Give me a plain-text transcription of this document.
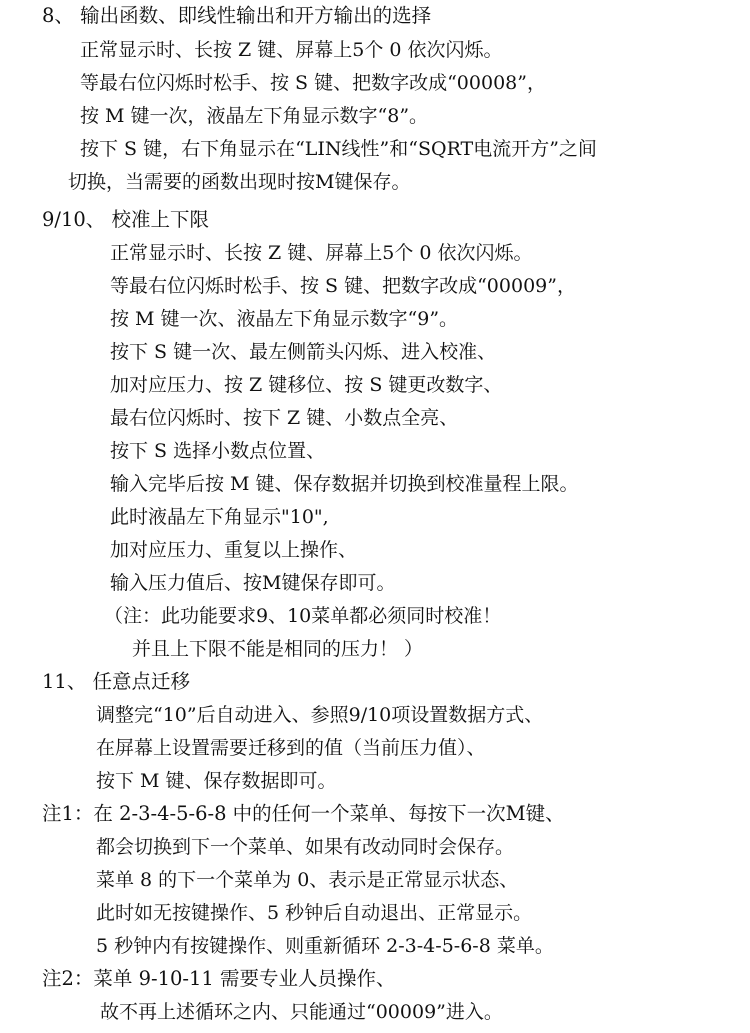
8、 输出函数、即线性输出和开方输出的选择
正常显示时、长按 Z 键、屏幕上5个 0 依次闪烁。
等最右位闪烁时松手、按 S 键、把数字改成“00008”，
按 M 键一次，液晶左下角显示数字“8”。
按下 S 键，右下角显示在“LIN线性”和“SQRT电流开方”之间
切换，当需要的函数出现时按M键保存。
9/10、 校准上下限
正常显示时、长按 Z 键、屏幕上5个 0 依次闪烁。
等最右位闪烁时松手、按 S 键、把数字改成“00009”，
按 M 键一次、液晶左下角显示数字“9”。
按下 S 键一次、最左侧箭头闪烁、进入校准、
加对应压力、按 Z 键移位、按 S 键更改数字、
最右位闪烁时、按下 Z 键、小数点全亮、
按下 S 选择小数点位置、
输入完毕后按 M 键、保存数据并切换到校准量程上限。
此时液晶左下角显示"10",
加对应压力、重复以上操作、
输入压力值后、按M键保存即可。
（注：此功能要求9、10菜单都必须同时校准！
并且上下限不能是相同的压力！ ）
11、 任意点迁移
调整完“10”后自动进入、参照9/10项设置数据方式、
在屏幕上设置需要迁移到的值（当前压力值）、
按下 M 键、保存数据即可。
注1：在 2-3-4-5-6-8 中的任何一个菜单、每按下一次M键、
都会切换到下一个菜单、如果有改动同时会保存。
菜单 8 的下一个菜单为 0、表示是正常显示状态、
此时如无按键操作、5 秒钟后自动退出、正常显示。
5 秒钟内有按键操作、则重新循环 2-3-4-5-6-8 菜单。
注2：菜单 9-10-11 需要专业人员操作、
故不再上述循环之内、只能通过“00009”进入。
